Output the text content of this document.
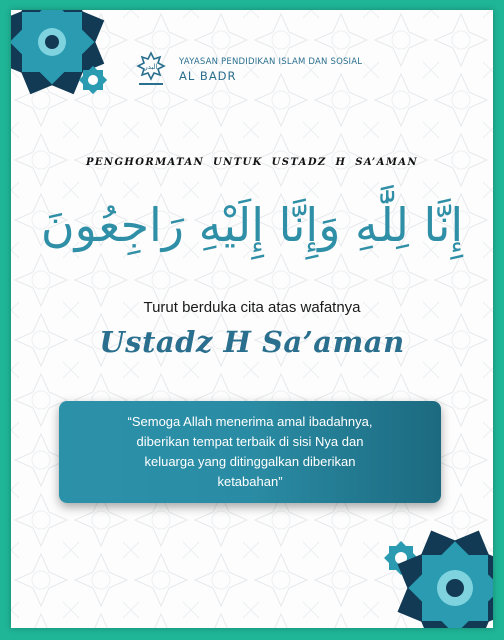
البدر	YAYASAN PENDIDIKAN ISLAM DAN SOSIAL
AL BADR
PENGHORMATAN UNTUK USTADZ H SA’AMAN
إِنَّا لِلَّٰهِ وَإِنَّا إِلَيْهِ رَاجِعُونَ
Turut berduka cita atas wafatnya
Ustadz H Sa’aman
“Semoga Allah menerima amal ibadahnya, diberikan tempat terbaik di sisi Nya dan keluarga yang ditinggalkan diberikan ketabahan”
